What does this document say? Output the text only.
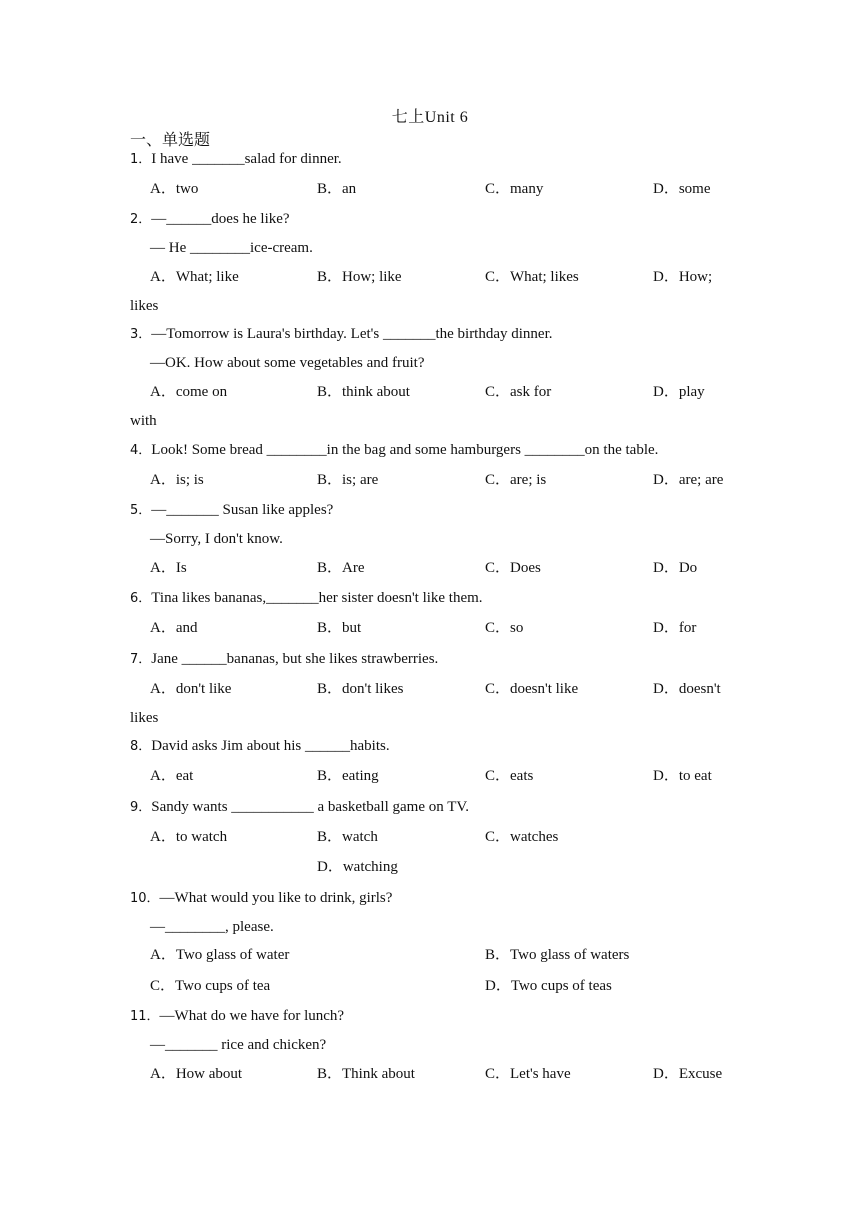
七上Unit 6
一、单选题
1．I have _______salad for dinner.
A．two	B．an	C．many	D．some
2．—______does he like?
— He ________ice-cream.
A．What; like	B．How; like	C．What; likes	D．How;
likes
3．—Tomorrow is Laura's birthday. Let's _______the birthday dinner.
—OK. How about some vegetables and fruit?
A．come on	B．think about	C．ask for	D．play
with
4．Look! Some bread ________in the bag and some hamburgers ________on the table.
A．is; is	B．is; are	C．are; is	D．are; are
5．—_______ Susan like apples?
—Sorry, I don't know.
A．Is	B．Are	C．Does	D．Do
6．Tina likes bananas,_______her sister doesn't like them.
A．and	B．but	C．so	D．for
7．Jane ______bananas, but she likes strawberries.
A．don't like	B．don't likes	C．doesn't like	D．doesn't
likes
8．David asks Jim about his ______habits.
A．eat	B．eating	C．eats	D．to eat
9．Sandy wants ___________ a basketball game on TV.
A．to watch	B．watch	C．watches
D．watching
10．—What would you like to drink, girls?
—________, please.
A．Two glass of water	B．Two glass of waters
C．Two cups of tea	D．Two cups of teas
11．—What do we have for lunch?
—_______ rice and chicken?
A．How about	B．Think about	C．Let's have	D．Excuse
